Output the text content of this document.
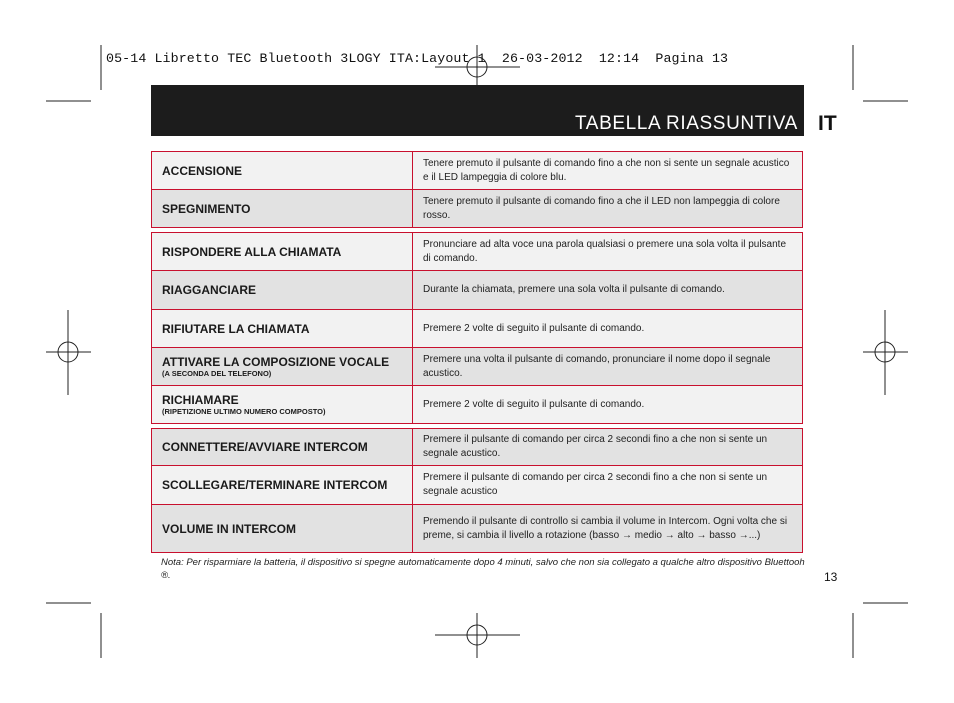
05-14 Libretto TEC Bluetooth 3LOGY ITA:Layout 1  26-03-2012  12:14  Pagina 13
TABELLA RIASSUNTIVA IT
ACCENSIONE	Tenere premuto il pulsante di comando fino a che non si sente un segnale acustico e il LED lampeggia di colore blu.
SPEGNIMENTO	Tenere premuto il pulsante di comando fino a che il LED non lampeggia di colore rosso.

RISPONDERE ALLA CHIAMATA	Pronunciare ad alta voce una parola qualsiasi o premere una sola volta il pulsante di comando.
RIAGGANCIARE	Durante la chiamata, premere una sola volta il pulsante di comando.
RIFIUTARE LA CHIAMATA	Premere 2 volte di seguito il pulsante di comando.
ATTIVARE LA COMPOSIZIONE VOCALE
(A SECONDA DEL TELEFONO)	Premere una volta il pulsante di comando, pronunciare il nome dopo il segnale acustico.
RICHIAMARE
(RIPETIZIONE ULTIMO NUMERO COMPOSTO)	Premere 2 volte di seguito il pulsante di comando.

CONNETTERE/AVVIARE INTERCOM	Premere il pulsante di comando per circa 2 secondi fino a che non si sente un segnale acustico.
SCOLLEGARE/TERMINARE INTERCOM	Premere il pulsante di comando per circa 2 secondi fino a che non si sente un segnale acustico
VOLUME IN INTERCOM	Premendo il pulsante di controllo si cambia il volume in Intercom. Ogni volta che si preme, si cambia il livello a rotazione (basso → medio → alto → basso →...)
Nota: Per risparmiare la batteria, il dispositivo si spegne automaticamente dopo 4 minuti, salvo che non sia collegato a qualche altro dispositivo Bluettooh ®.	13
